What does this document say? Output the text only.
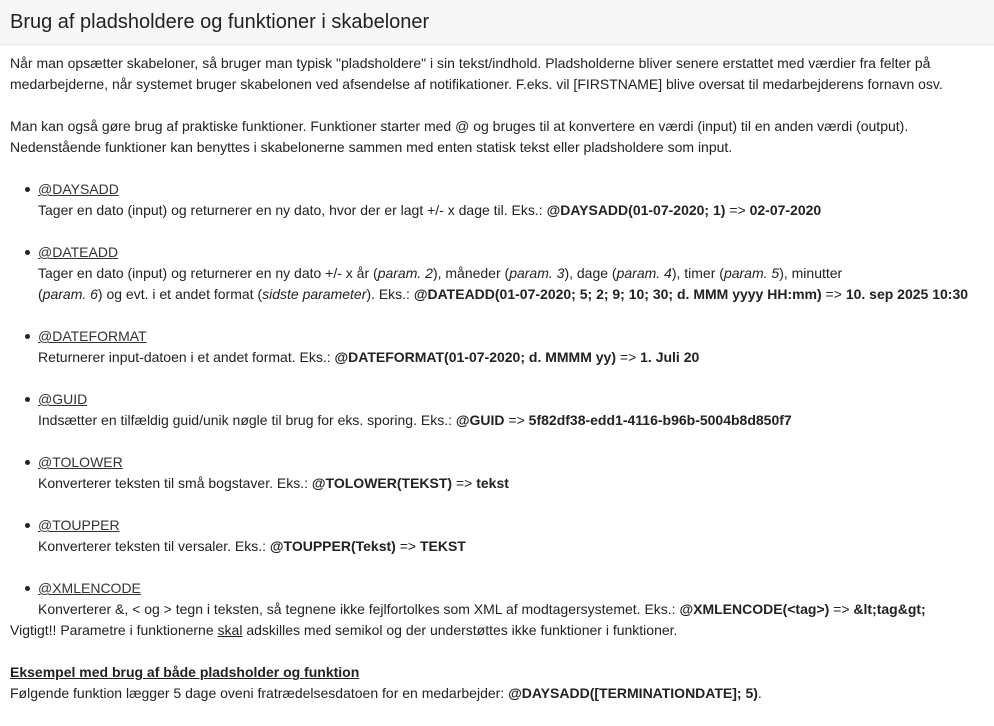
Brug af pladsholdere og funktioner i skabeloner

Når man opsætter skabeloner, så bruger man typisk "pladsholdere" i sin tekst/indhold. Pladsholderne bliver senere erstattet med værdier fra felter på medarbejderne, når systemet bruger skabelonen ved afsendelse af notifikationer. F.eks. vil [FIRSTNAME] blive oversat til medarbejderens fornavn osv.

Man kan også gøre brug af praktiske funktioner. Funktioner starter med @ og bruges til at konvertere en værdi (input) til en anden værdi (output). Nedenstående funktioner kan benyttes i skabelonerne sammen med enten statisk tekst eller pladsholdere som input.

@DAYSADD
Tager en dato (input) og returnerer en ny dato, hvor der er lagt +/- x dage til. Eks.: @DAYSADD(01-07-2020; 1) => 02-07-2020
@DATEADD
Tager en dato (input) og returnerer en ny dato +/- x år (param. 2), måneder (param. 3), dage (param. 4), timer (param. 5), minutter
(param. 6) og evt. i et andet format (sidste parameter). Eks.: @DATEADD(01-07-2020; 5; 2; 9; 10; 30; d. MMM yyyy HH:mm) => 10. sep 2025 10:30
@DATEFORMAT
Returnerer input-datoen i et andet format. Eks.: @DATEFORMAT(01-07-2020; d. MMMM yy) => 1. Juli 20
@GUID
Indsætter en tilfældig guid/unik nøgle til brug for eks. sporing. Eks.: @GUID => 5f82df38-edd1-4116-b96b-5004b8d850f7
@TOLOWER
Konverterer teksten til små bogstaver. Eks.: @TOLOWER(TEKST) => tekst
@TOUPPER
Konverterer teksten til versaler. Eks.: @TOUPPER(Tekst) => TEKST
@XMLENCODE
Konverterer &, < og > tegn i teksten, så tegnene ikke fejlfortolkes som XML af modtagersystemet. Eks.: @XMLENCODE(<tag>) => &lt;tag&gt;

Vigtigt!! Parametre i funktionerne skal adskilles med semikol og der understøttes ikke funktioner i funktioner.

Eksempel med brug af både pladsholder og funktion

Følgende funktion lægger 5 dage oveni fratrædelsesdatoen for en medarbejder: @DAYSADD([TERMINATIONDATE]; 5).
